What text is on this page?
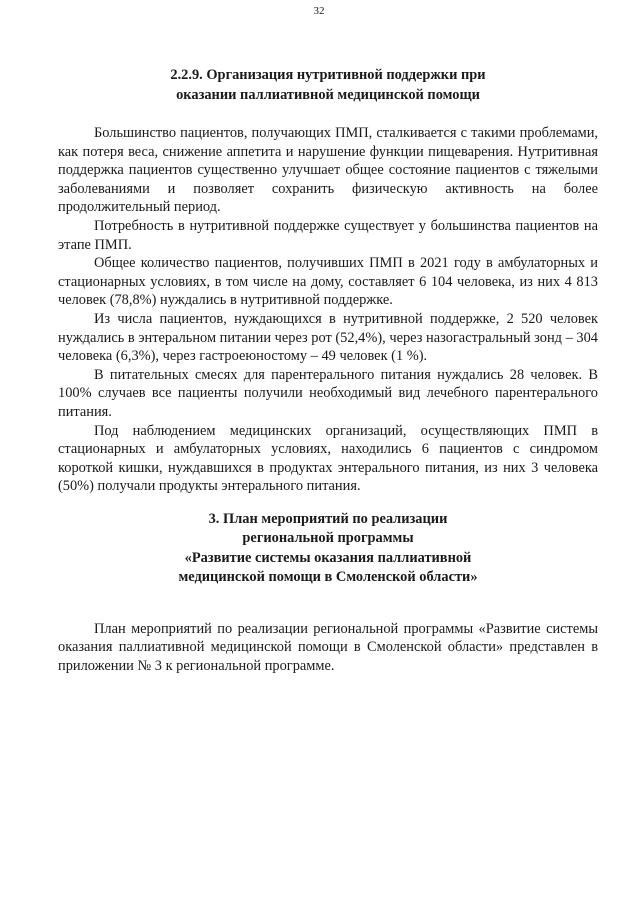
32
2.2.9. Организация нутритивной поддержки при
оказании паллиативной медицинской помощи

Большинство пациентов, получающих ПМП, сталкивается с такими проблемами, как потеря веса, снижение аппетита и нарушение функции пищеварения. Нутритивная поддержка пациентов существенно улучшает общее состояние пациентов с тяжелыми заболеваниями и позволяет сохранить физическую активность на более продолжительный период.

Потребность в нутритивной поддержке существует у большинства пациентов на этапе ПМП.

Общее количество пациентов, получивших ПМП в 2021 году в амбулаторных и стационарных условиях, в том числе на дому, составляет 6 104 человека, из них 4 813 человек (78,8%) нуждались в нутритивной поддержке.

Из числа пациентов, нуждающихся в нутритивной поддержке, 2 520 человек нуждались в энтеральном питании через рот (52,4%), через назогастральный зонд – 304 человека (6,3%), через гастроеюностому – 49 человек (1 %).

В питательных смесях для парентерального питания нуждались 28 человек. В 100% случаев все пациенты получили необходимый вид лечебного парентерального питания.

Под наблюдением медицинских организаций, осуществляющих ПМП в стационарных и амбулаторных условиях, находились 6 пациентов с синдромом короткой кишки, нуждавшихся в продуктах энтерального питания, из них 3 человека (50%) получали продукты энтерального питания.

3. План мероприятий по реализации
региональной программы
«Развитие системы оказания паллиативной
медицинской помощи в Смоленской области»

План мероприятий по реализации региональной программы «Развитие системы оказания паллиативной медицинской помощи в Смоленской области» представлен в приложении № 3 к региональной программе.
